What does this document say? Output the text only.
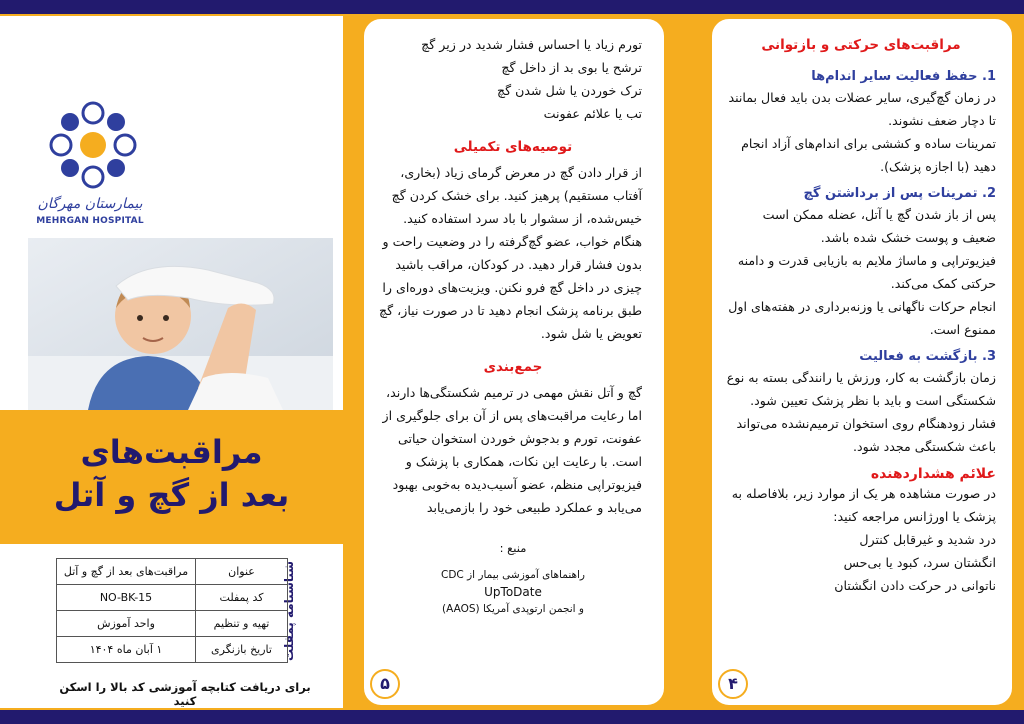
بیمارستان مهرگان
MEHRGAN HOSPITAL
مراقبت‌های
بعد از گچ و آتل
شناسنامه پمفلت
عنوان	مراقبت‌های بعد از گچ و آتل
کد پمفلت	NO-BK-15
تهیه و تنظیم	واحد آموزش
تاریخ بازنگری	۱ آبان ماه ۱۴۰۴
برای دریافت کتابچه آموزشی کد بالا را اسکن کنید

تورم زیاد یا احساس فشار شدید در زیر گچ

ترشح یا بوی بد از داخل گچ

ترک خوردن یا شل شدن گچ

تب یا علائم عفونت

توصیه‌های تکمیلی
از قرار دادن گچ در معرض گرمای زیاد (بخاری، آفتاب مستقیم) پرهیز کنید. برای خشک کردن گچ خیس‌شده، از سشوار با باد سرد استفاده کنید. هنگام خواب، عضو گچ‌گرفته را در وضعیت راحت و بدون فشار قرار دهید. در کودکان، مراقب باشید چیزی در داخل گچ فرو نکنن. ویزیت‌های دوره‌ای را طبق برنامه پزشک انجام دهید تا در صورت نیاز، گچ تعویض یا شل شود.
جمع‌بندی
گچ و آتل نقش مهمی در ترمیم شکستگی‌ها دارند، اما رعایت مراقبت‌های پس از آن برای جلوگیری از عفونت، تورم و بدجوش خوردن استخوان حیاتی است. با رعایت این نکات، همکاری با پزشک و فیزیوتراپی منظم، عضو آسیب‌دیده به‌خوبی بهبود می‌یابد و عملکرد طبیعی خود را بازمی‌یابد
منبع :
راهنماهای آموزشی بیمار از CDC
UpToDate
و انجمن ارتوپدی آمریکا (AAOS)
۵
مراقبت‌های حرکتی و بازتوانی
1. حفظ فعالیت سایر اندام‌ها

در زمان گچ‌گیری، سایر عضلات بدن باید فعال بمانند تا دچار ضعف نشوند.

تمرینات ساده و کششی برای اندام‌های آزاد انجام دهید (با اجازه پزشک).

2. تمرینات پس از برداشتن گچ

پس از باز شدن گچ یا آتل، عضله ممکن است ضعیف و پوست خشک شده باشد.

فیزیوتراپی و ماساژ ملایم به بازیابی قدرت و دامنه حرکتی کمک می‌کند.

انجام حرکات ناگهانی یا وزنه‌برداری در هفته‌های اول ممنوع است.

3. بازگشت به فعالیت
زمان بازگشت به کار، ورزش یا رانندگی بسته به نوع شکستگی است و باید با نظر پزشک تعیین شود. فشار زودهنگام روی استخوان ترمیم‌نشده می‌تواند باعث شکستگی مجدد شود.
علائم هشداردهنده

در صورت مشاهده هر یک از موارد زیر، بلافاصله به پزشک یا اورژانس مراجعه کنید:

درد شدید و غیرقابل کنترل

انگشتان سرد، کبود یا بی‌حس

ناتوانی در حرکت دادن انگشتان

۴
